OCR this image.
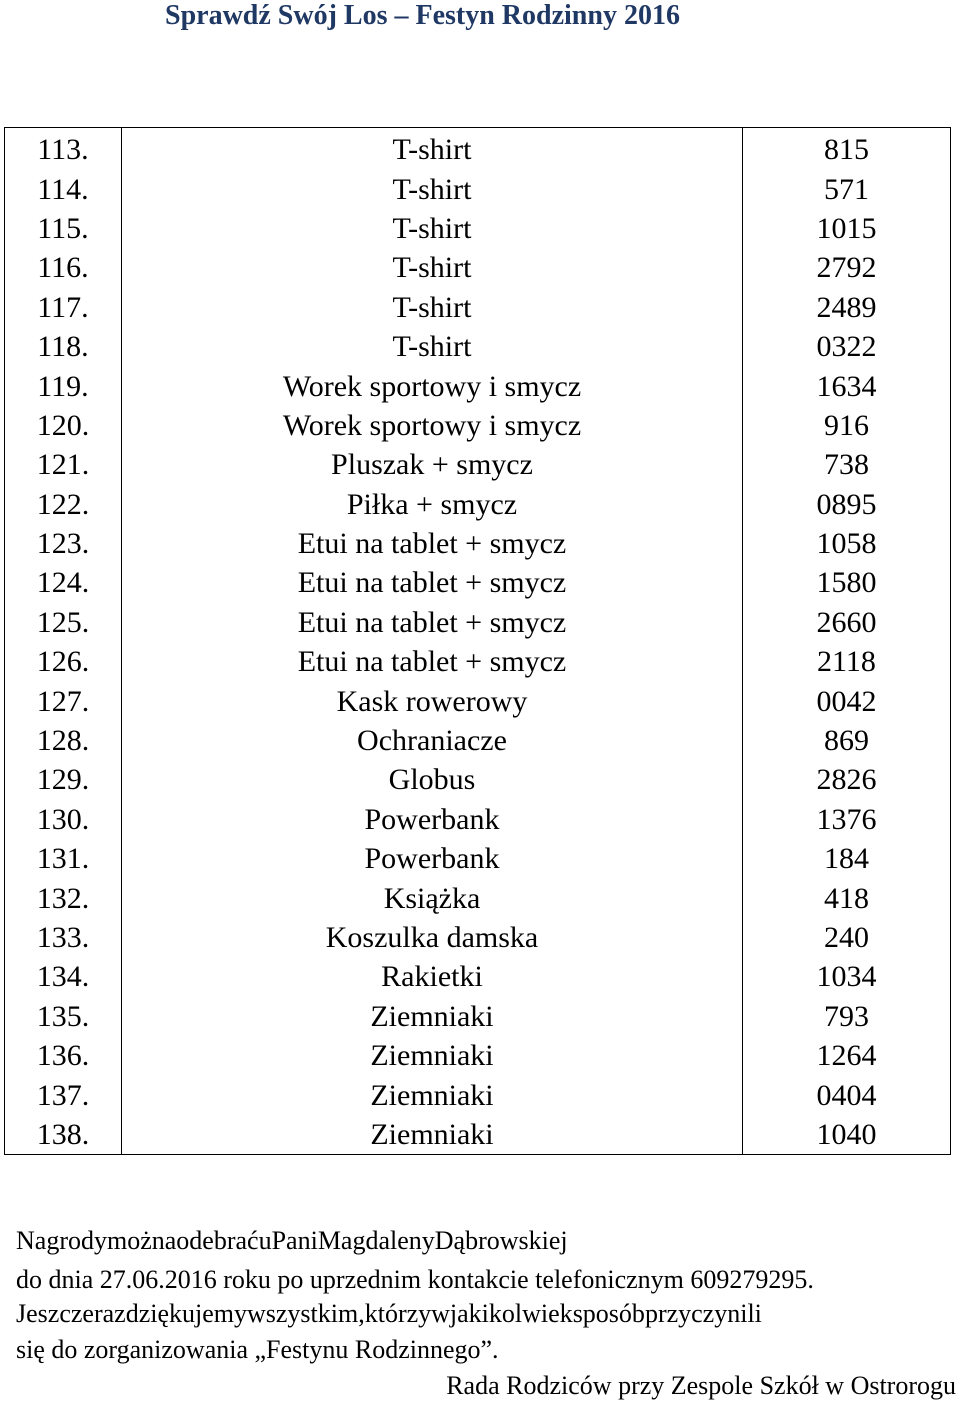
Sprawdź Swój Los – Festyn Rodzinny 2016
113.	T-shirt	815
114.	T-shirt	571
115.	T-shirt	1015
116.	T-shirt	2792
117.	T-shirt	2489
118.	T-shirt	0322
119.	Worek sportowy i smycz	1634
120.	Worek sportowy i smycz	916
121.	Pluszak + smycz	738
122.	Piłka + smycz	0895
123.	Etui na tablet + smycz	1058
124.	Etui na tablet + smycz	1580
125.	Etui na tablet + smycz	2660
126.	Etui na tablet + smycz	2118
127.	Kask rowerowy	0042
128.	Ochraniacze	869
129.	Globus	2826
130.	Powerbank	1376
131.	Powerbank	184
132.	Książka	418
133.	Koszulka damska	240
134.	Rakietki	1034
135.	Ziemniaki	793
136.	Ziemniaki	1264
137.	Ziemniaki	0404
138.	Ziemniaki	1040
NagrodymożnaodebraćuPaniMagdalenyDąbrowskiej
do dnia 27.06.2016 roku po uprzednim kontakcie telefonicznym 609279295.
Jeszczerazdziękujemywszystkim,którzywjakikolwieksposóbprzyczynili
się do zorganizowania „Festynu Rodzinnego”.
Rada Rodziców przy Zespole Szkół w Ostrorogu
